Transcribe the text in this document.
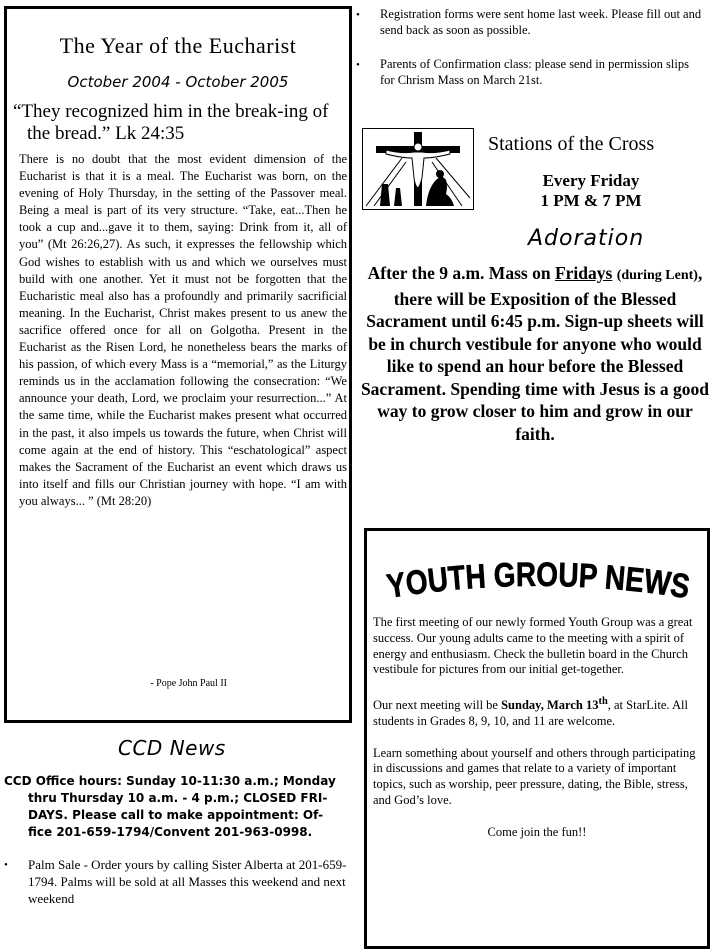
The Year of the Eucharist
October 2004 - October 2005
“They recognized him in the break-ing of the bread.” Lk 24:35
There is no doubt that the most evident dimension of the Eucharist is that it is a meal. The Eucharist was born, on the evening of Holy Thursday, in the setting of the Passover meal. Being a meal is part of its very structure. “Take, eat...Then he took a cup and...gave it to them, saying: Drink from it, all of you” (Mt 26:26,27). As such, it expresses the fellowship which God wishes to establish with us and which we ourselves must build with one another. Yet it must not be forgotten that the Eucharistic meal also has a profoundly and primarily sacrificial meaning. In the Eucharist, Christ makes present to us anew the sacrifice offered once for all on Golgotha. Present in the Eucharist as the Risen Lord, he nonetheless bears the marks of his passion, of which every Mass is a “memorial,” as the Liturgy reminds us in the acclamation following the consecration: “We announce your death, Lord, we proclaim your resurrection...” At the same time, while the Eucharist makes present what occurred in the past, it also impels us towards the future, when Christ will come again at the end of history. This “eschatological” aspect makes the Sacrament of the Eucharist an event which draws us into itself and fills our Christian journey with hope. “I am with you always... ” (Mt 28:20)
- Pope John Paul II
CCD News
CCD Office hours: Sunday 10-11:30 a.m.; Monday
thru Thursday 10 a.m. - 4 p.m.; CLOSED FRI-
DAYS. Please call to make appointment: Of-
fice 201-659-1794/Convent 201-963-0998.
•	Palm Sale - Order yours by calling Sister Alberta at 201-659-1794. Palms will be sold at all Masses this weekend and next weekend
•	Registration forms were sent home last week. Please fill out and send back as soon as possible.
•	Parents of Confirmation class: please send in permission slips for Chrism Mass on March 21st.
Stations of the Cross
Every Friday
1 PM & 7 PM
Adoration
After the 9 a.m. Mass on Fridays (during Lent), there will be Exposition of the Blessed Sacrament until 6:45 p.m. Sign-up sheets will be in church vestibule for anyone who would like to spend an hour before the Blessed Sacrament. Spending time with Jesus is a good way to grow closer to him and grow in our faith.
YOUTH GROUP NEWS

The first meeting of our newly formed Youth Group was a great success. Our young adults came to the meeting with a spirit of energy and enthusiasm. Check the bulletin board in the Church vestibule for pictures from our initial get-together.

Our next meeting will be Sunday, March 13th, at StarLite. All students in Grades 8, 9, 10, and 11 are welcome.

Learn something about yourself and others through participating in discussions and games that relate to a variety of important topics, such as worship, peer pressure, dating, the Bible, stress, and God’s love.

Come join the fun!!
